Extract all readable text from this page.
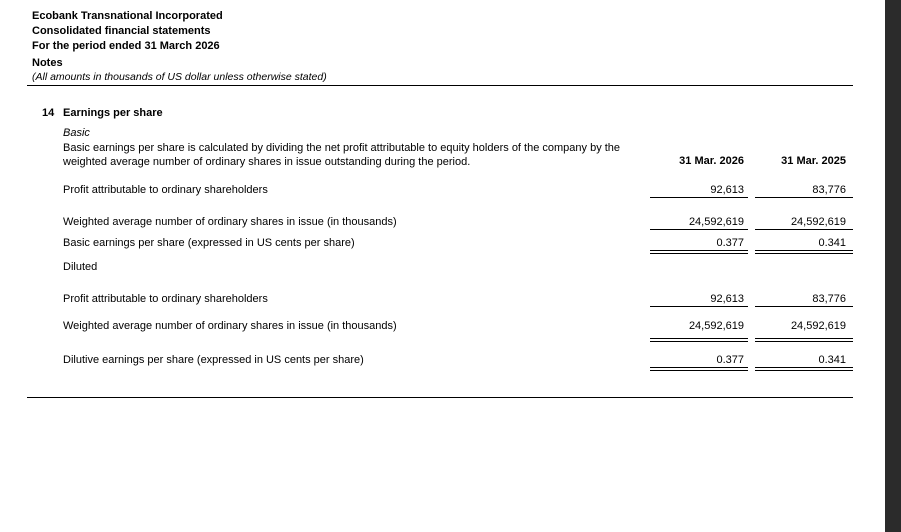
Ecobank Transnational Incorporated
Consolidated financial statements
For the period ended 31 March 2026
Notes
(All amounts in thousands of US dollar unless otherwise stated)
14 Earnings per share
Basic
Basic earnings per share is calculated by dividing the net profit attributable to equity holders of the company by the
weighted average number of ordinary shares in issue outstanding during the period.	31 Mar. 2026	31 Mar. 2025
Profit attributable to ordinary shareholders	92,613	83,776
Weighted average number of ordinary shares in issue (in thousands)	24,592,619	24,592,619
Basic earnings per share (expressed in US cents per share)	0.377	0.341
Diluted
Profit attributable to ordinary shareholders	92,613	83,776
Weighted average number of ordinary shares in issue (in thousands)	24,592,619	24,592,619
Dilutive earnings per share (expressed in US cents per share)	0.377	0.341
